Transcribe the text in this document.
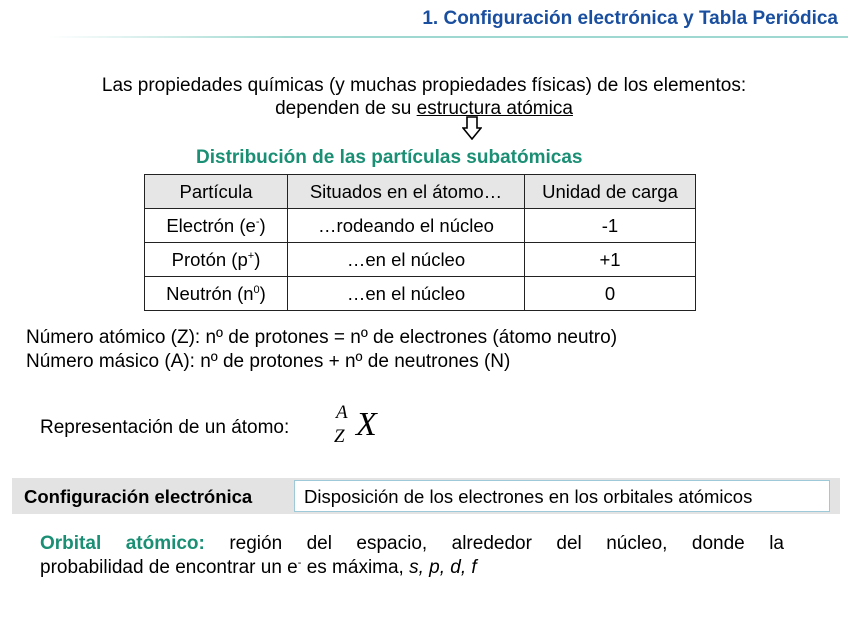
1. Configuración electrónica y Tabla Periódica
Las propiedades químicas (y muchas propiedades físicas) de los elementos:
dependen de su estructura atómica
Distribución de las partículas subatómicas
Partícula	Situados en el átomo…	Unidad de carga
Electrón (e-)	…rodeando el núcleo	-1
Protón (p+)	…en el núcleo	+1
Neutrón $(n^0)$	…en el núcleo	0
Número atómico (Z): nº de protones = nº de electrones (átomo neutro)
Número másico (A): nº de protones + nº de neutrones (N)
Representación de un átomo:
A
Z X
Configuración electrónica	Disposición de los electrones en los orbitales atómicos
Orbital atómico: región del espacio, alrededor del núcleo, donde la
probabilidad de encontrar un e- es máxima, s, p, d, f
